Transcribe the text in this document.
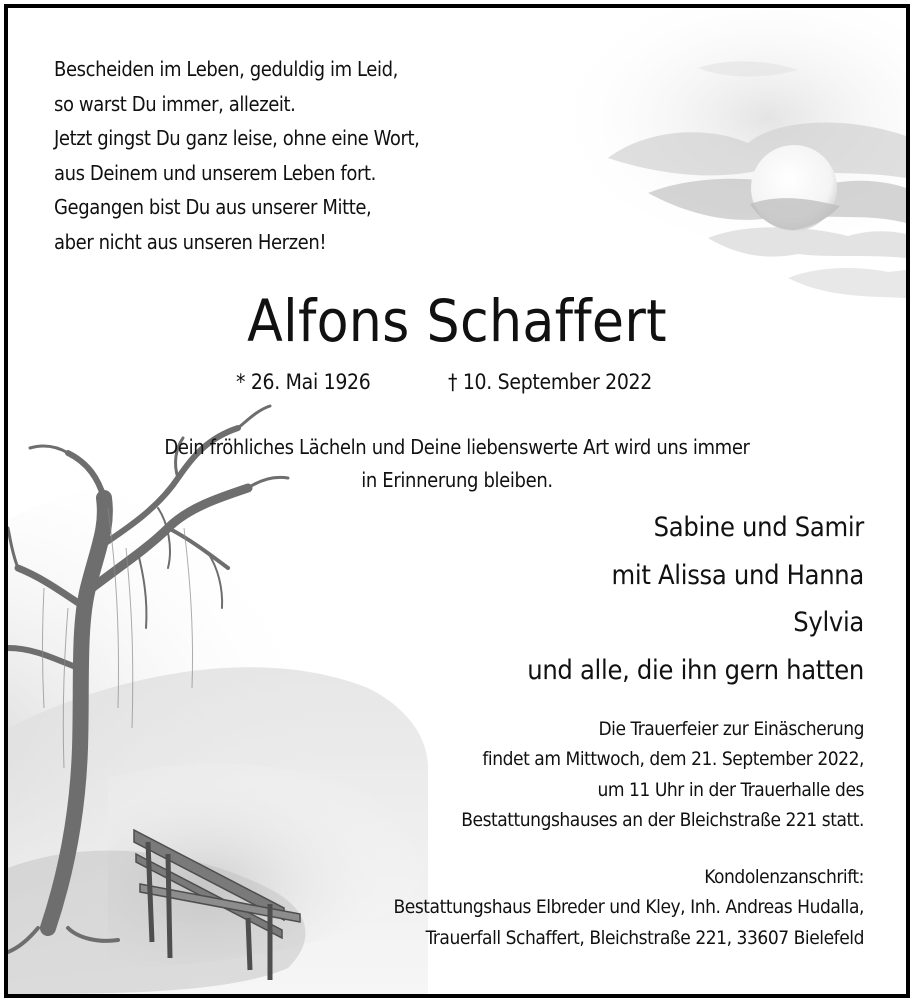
Bescheiden im Leben, geduldig im Leid,
so warst Du immer, allezeit.
Jetzt gingst Du ganz leise, ohne eine Wort,
aus Deinem und unserem Leben fort.
Gegangen bist Du aus unserer Mitte,
aber nicht aus unseren Herzen!
Alfons Schaffert
* 26. Mai 1926	† 10. September 2022
Dein fröhliches Lächeln und Deine liebenswerte Art wird uns immer
in Erinnerung bleiben.
Sabine und Samir
mit Alissa und Hanna
Sylvia
und alle, die ihn gern hatten
Die Trauerfeier zur Einäscherung
findet am Mittwoch, dem 21. September 2022,
um 11 Uhr in der Trauerhalle des
Bestattungshauses an der Bleichstraße 221 statt.
Kondolenzanschrift:
Bestattungshaus Elbreder und Kley, Inh. Andreas Hudalla,
Trauerfall Schaffert, Bleichstraße 221, 33607 Bielefeld
